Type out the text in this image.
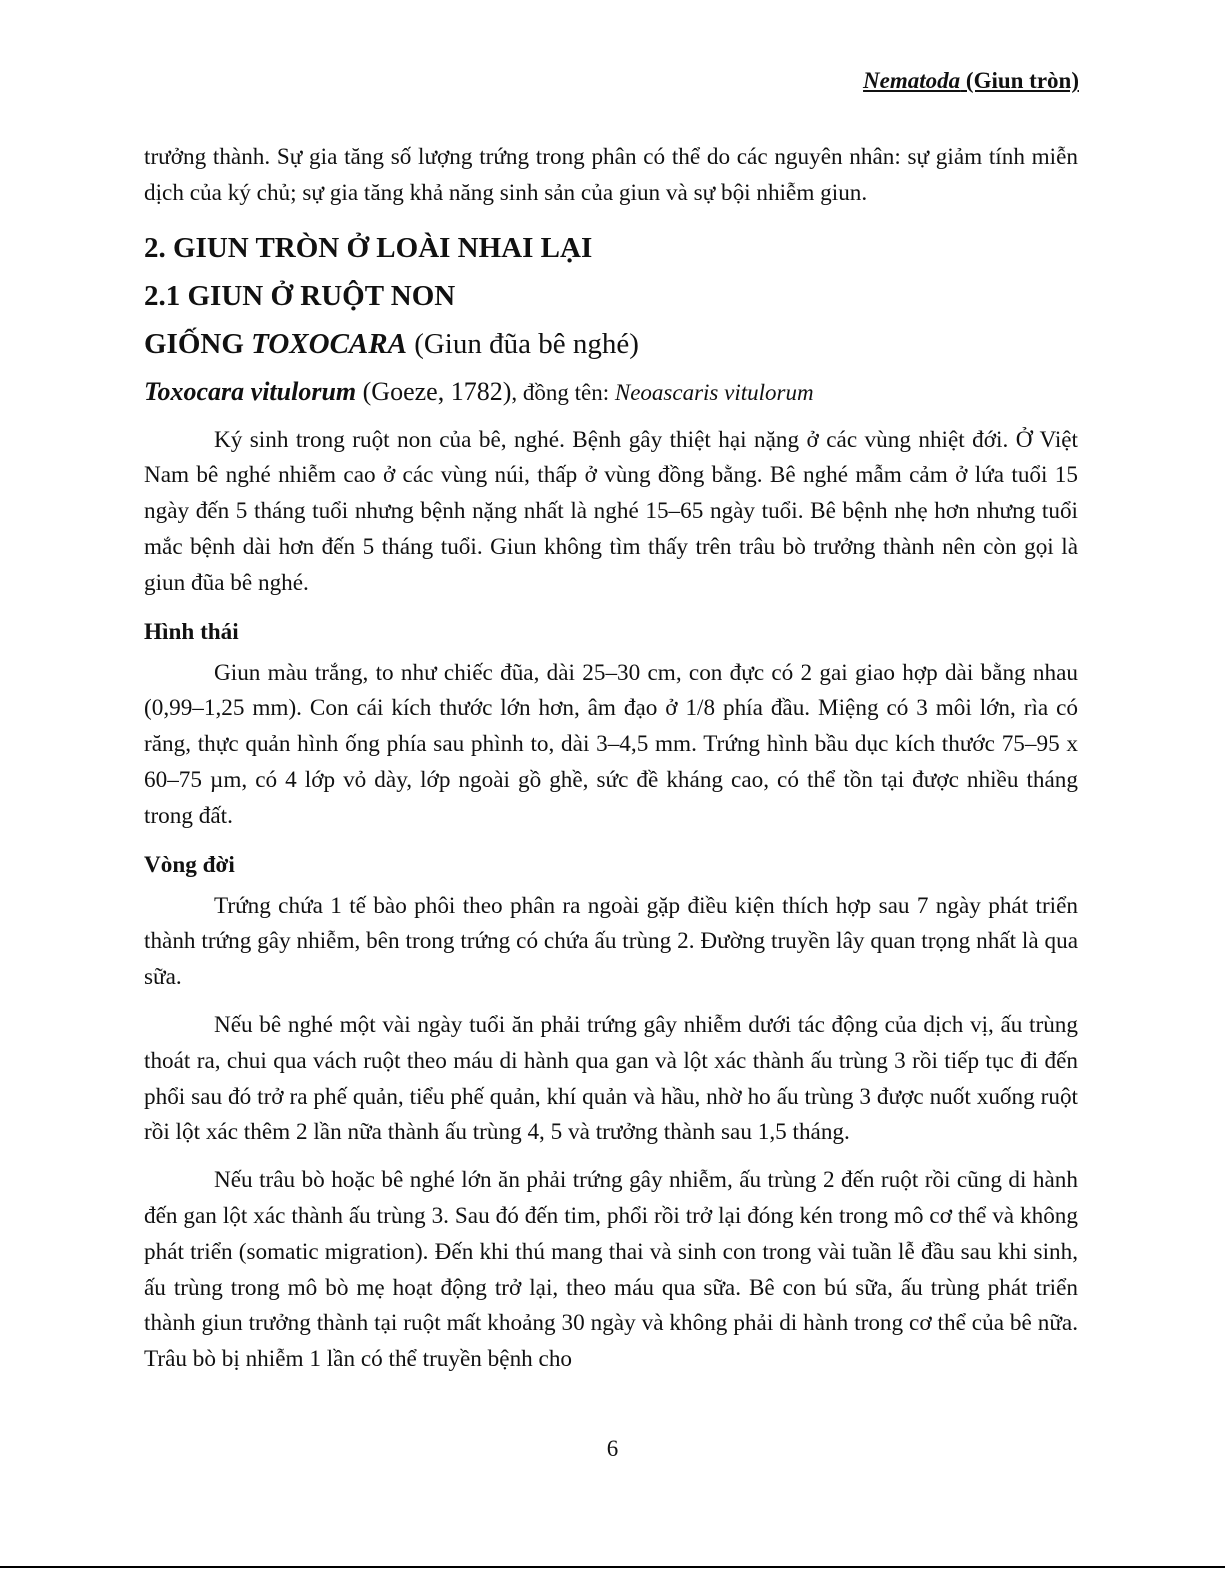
Nematoda (Giun tròn)

trưởng thành. Sự gia tăng số lượng trứng trong phân có thể do các nguyên nhân: sự giảm tính miễn dịch của ký chủ; sự gia tăng khả năng sinh sản của giun và sự bội nhiễm giun.

2. GIUN TRÒN Ở LOÀI NHAI LẠI
2.1 GIUN Ở RUỘT NON
GIỐNG TOXOCARA (Giun đũa bê nghé)
Toxocara vitulorum (Goeze, 1782), đồng tên: Neoascaris vitulorum

Ký sinh trong ruột non của bê, nghé. Bệnh gây thiệt hại nặng ở các vùng nhiệt đới. Ở Việt Nam bê nghé nhiễm cao ở các vùng núi, thấp ở vùng đồng bằng. Bê nghé mẫm cảm ở lứa tuổi 15 ngày đến 5 tháng tuổi nhưng bệnh nặng nhất là nghé 15–65 ngày tuổi. Bê bệnh nhẹ hơn nhưng tuổi mắc bệnh dài hơn đến 5 tháng tuổi. Giun không tìm thấy trên trâu bò trưởng thành nên còn gọi là giun đũa bê nghé.

Hình thái

Giun màu trắng, to như chiếc đũa, dài 25–30 cm, con đực có 2 gai giao hợp dài bằng nhau (0,99–1,25 mm). Con cái kích thước lớn hơn, âm đạo ở 1/8 phía đầu. Miệng có 3 môi lớn, rìa có răng, thực quản hình ống phía sau phình to, dài 3–4,5 mm. Trứng hình bầu dục kích thước 75–95 x 60–75 µm, có 4 lớp vỏ dày, lớp ngoài gồ ghề, sức đề kháng cao, có thể tồn tại được nhiều tháng trong đất.

Vòng đời

Trứng chứa 1 tế bào phôi theo phân ra ngoài gặp điều kiện thích hợp sau 7 ngày phát triển thành trứng gây nhiễm, bên trong trứng có chứa ấu trùng 2. Đường truyền lây quan trọng nhất là qua sữa.

Nếu bê nghé một vài ngày tuổi ăn phải trứng gây nhiễm dưới tác động của dịch vị, ấu trùng thoát ra, chui qua vách ruột theo máu di hành qua gan và lột xác thành ấu trùng 3 rồi tiếp tục đi đến phổi sau đó trở ra phế quản, tiểu phế quản, khí quản và hầu, nhờ ho ấu trùng 3 được nuốt xuống ruột rồi lột xác thêm 2 lần nữa thành ấu trùng 4, 5 và trưởng thành sau 1,5 tháng.

Nếu trâu bò hoặc bê nghé lớn ăn phải trứng gây nhiễm, ấu trùng 2 đến ruột rồi cũng di hành đến gan lột xác thành ấu trùng 3. Sau đó đến tim, phổi rồi trở lại đóng kén trong mô cơ thể và không phát triển (somatic migration). Đến khi thú mang thai và sinh con trong vài tuần lễ đầu sau khi sinh, ấu trùng trong mô bò mẹ hoạt động trở lại, theo máu qua sữa. Bê con bú sữa, ấu trùng phát triển thành giun trưởng thành tại ruột mất khoảng 30 ngày và không phải di hành trong cơ thể của bê nữa. Trâu bò bị nhiễm 1 lần có thể truyền bệnh cho

6
